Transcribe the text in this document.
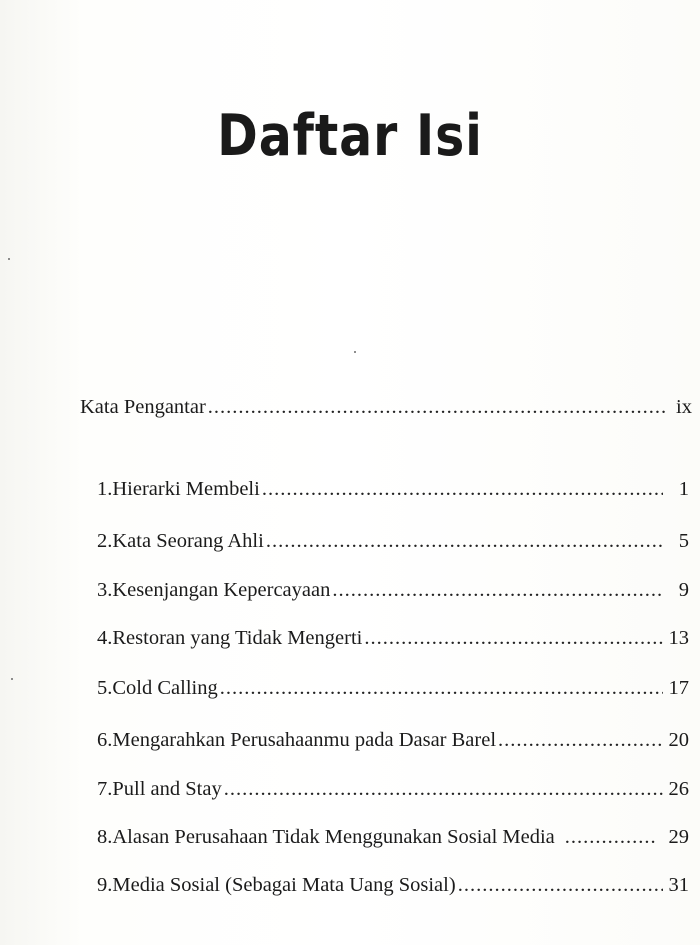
Daftar Isi
Kata Pengantar .....	ix
1. Hierarki Membeli .....	1
2. Kata Seorang Ahli .....	5
3. Kesenjangan Kepercayaan .....	9
4. Restoran yang Tidak Mengerti .....	13
5. Cold Calling .....	17
6. Mengarahkan Perusahaanmu pada Dasar Barel .....	20
7. Pull and Stay .....	26
8. Alasan Perusahaan Tidak Menggunakan Sosial Media .....	29
9. Media Sosial (Sebagai Mata Uang Sosial) .....	31
